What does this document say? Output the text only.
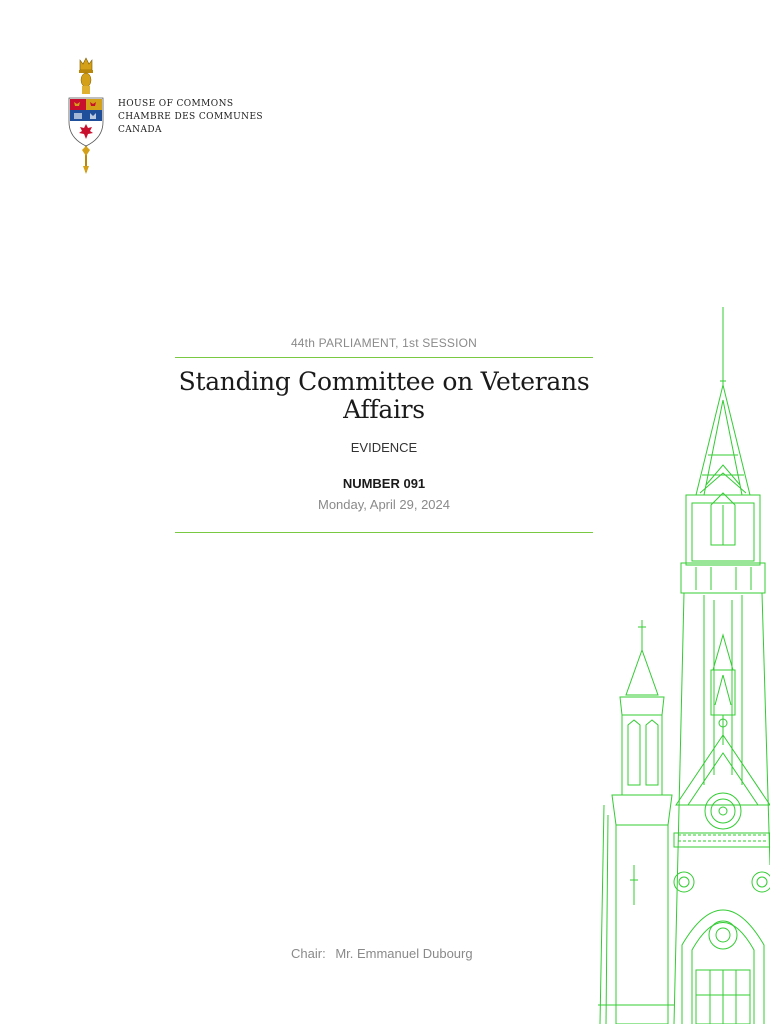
HOUSE OF COMMONS
CHAMBRE DES COMMUNES
CANADA
44th PARLIAMENT, 1st SESSION
Standing Committee on Veterans Affairs
EVIDENCE
NUMBER 091
Monday, April 29, 2024
Chair: Mr. Emmanuel Dubourg
